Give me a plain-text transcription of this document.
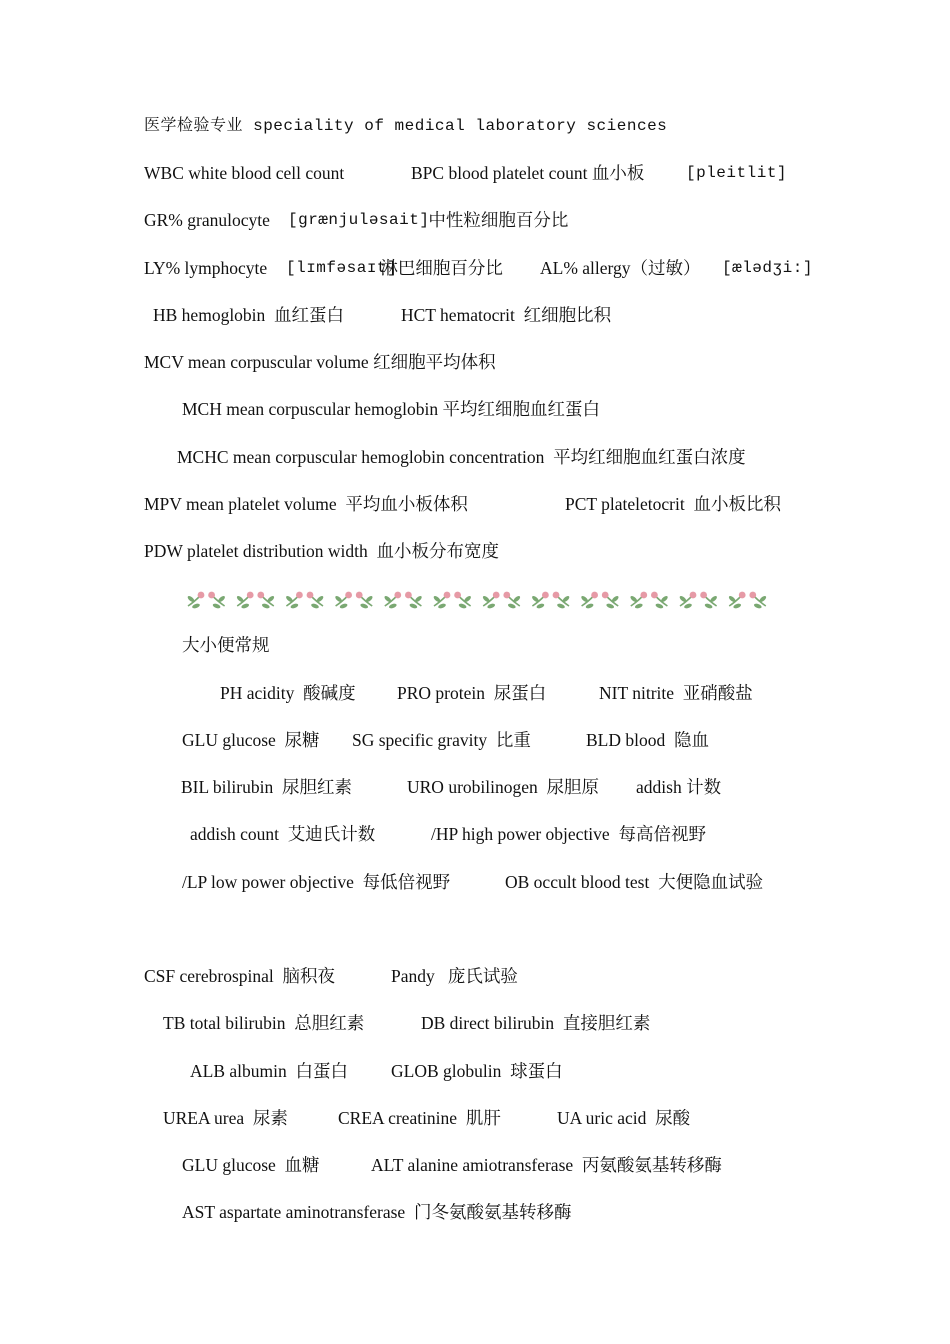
医学检验专业 speciality of medical laboratory sciences

WBC white blood cell count

	BPC blood platelet count 血小板

[pleitlit]

GR% granulocyte

[grænjuləsait]

中性粒细胞百分比

LY% lymphocyte

[lɪmfəsaɪt]

淋巴细胞百分比

AL% allergy（过敏）

[ælədʒi:]

HB hemoglobin  血红蛋白

	HCT hematocrit  红细胞比积

MCV mean corpuscular volume 红细胞平均体积

MCH mean corpuscular hemoglobin 平均红细胞血红蛋白

MCHC mean corpuscular hemoglobin concentration  平均红细胞血红蛋白浓度

MPV mean platelet volume  平均血小板体积

	PCT plateletocrit  血小板比积

PDW platelet distribution width  血小板分布宽度

大小便常规

PH acidity  酸碱度

PRO protein  尿蛋白

	NIT nitrite  亚硝酸盐

GLU glucose  尿糖

SG specific gravity  比重

	BLD blood  隐血

BIL bilirubin  尿胆红素

	URO urobilinogen  尿胆原

addish 计数

addish count  艾迪氏计数

	/HP high power objective  每高倍视野

/LP low power objective  每低倍视野

	OB occult blood test  大便隐血试验

CSF cerebrospinal  脑积夜

	Pandy   庞氏试验

TB total bilirubin  总胆红素

	DB direct bilirubin  直接胆红素

ALB albumin  白蛋白

GLOB globulin  球蛋白

UREA urea  尿素

	CREA creatinine  肌肝

	UA uric acid  尿酸

GLU glucose  血糖

	ALT alanine amiotransferase  丙氨酸氨基转移酶

AST aspartate aminotransferase  门冬氨酸氨基转移酶
